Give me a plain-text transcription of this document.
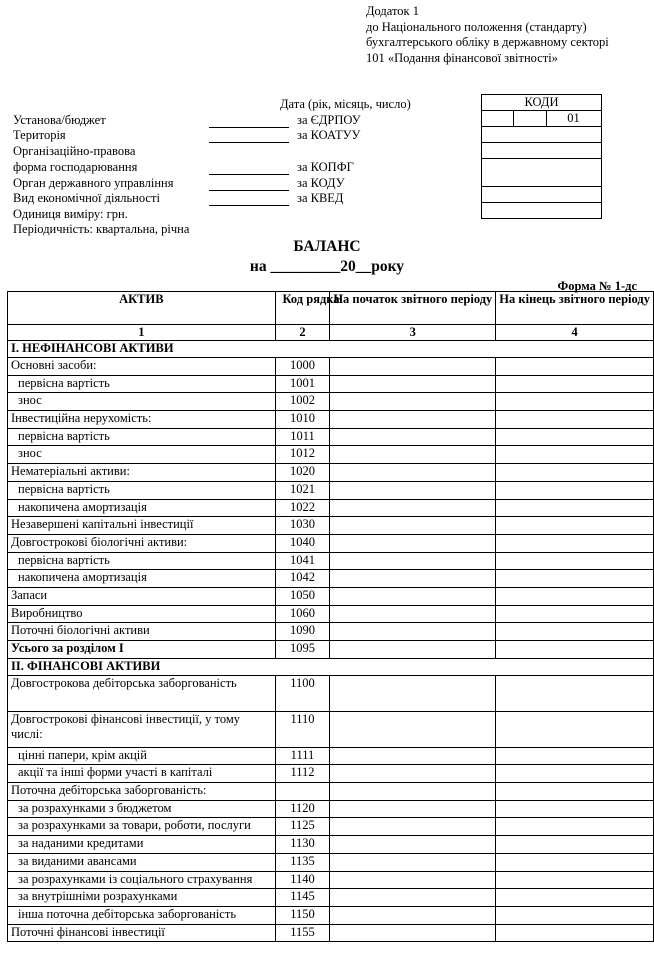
Додаток 1
до Національного положення (стандарту)
бухгалтерського обліку в державному секторі
101 «Подання фінансової звітності»
Дата (рік, місяць, число)	КОДИ
01
Установа/бюджет	за ЄДРПОУ
Територія	за КОАТУУ
Організаційно-правова
форма господарювання	за КОПФГ
Орган державного управління	за КОДУ
Вид економічної діяльності	за КВЕД
Одиниця виміру: грн.
Періодичність: квартальна, річна
БАЛАНС
на _________20__року
Форма № 1-дс
АКТИВ	Код рядка	На початок звітного періоду	На кінець звітного періоду
1	2	3	4
I. НЕФІНАНСОВІ АКТИВИ			
Основні засоби:	1000		
первісна вартість	1001		
знос	1002		
Інвестиційна нерухомість:	1010		
первісна вартість	1011		
знос	1012		
Нематеріальні активи:	1020		
первісна вартість	1021		
накопичена амортизація	1022		
Незавершені капітальні інвестиції	1030		
Довгострокові біологічні активи:	1040		
первісна вартість	1041		
накопичена амортизація	1042		
Запаси	1050		
Виробництво	1060		
Поточні біологічні активи	1090		
Усього за розділом I	1095		
II. ФІНАНСОВІ АКТИВИ			
Довгострокова дебіторська заборгованість	1100		
Довгострокові фінансові інвестиції, у тому числі:	1110		
цінні папери, крім акцій	1111		
акції та інші форми участі в капіталі	1112		
Поточна дебіторська заборгованість:			
за розрахунками з бюджетом	1120		
за розрахунками за товари, роботи, послуги	1125		
за наданими кредитами	1130		
за виданими авансами	1135		
за розрахунками із соціального страхування	1140		
за внутрішніми розрахунками	1145		
інша поточна дебіторська заборгованість	1150		
Поточні фінансові інвестиції	1155		
